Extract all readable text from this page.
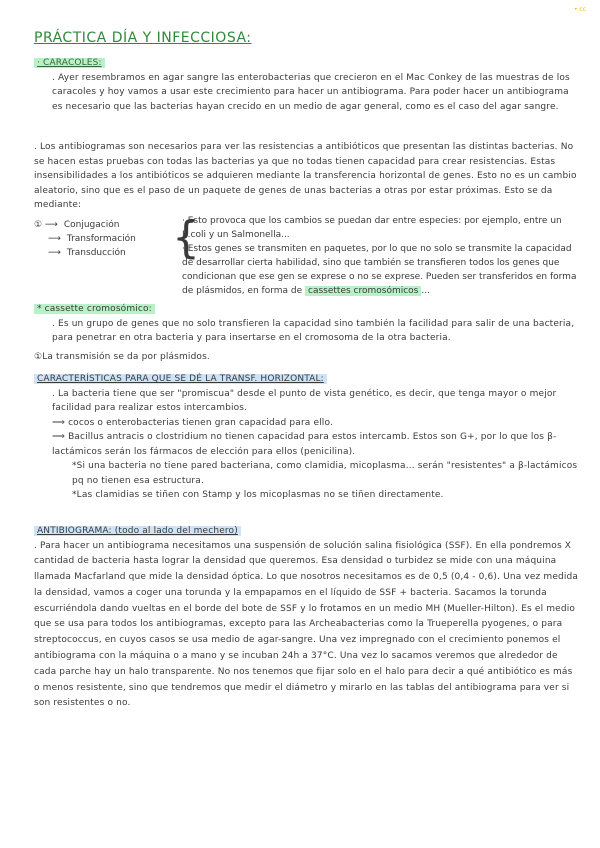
• cc
PRÁCTICA DÍA Y INFECCIOSA:
· CARACOLES:
. Ayer resembramos en agar sangre las enterobacterias que crecieron en el Mac Conkey de las muestras de los caracoles y hoy vamos a usar este crecimiento para hacer un antibiograma. Para poder hacer un antibiograma es necesario que las bacterias hayan crecido en un medio de agar general, como es el caso del agar sangre.
. Los antibiogramas son necesarios para ver las resistencias a antibióticos que presentan las distintas bacterias. No se hacen estas pruebas con todas las bacterias ya que no todas tienen capacidad para crear resistencias. Estas insensibilidades a los antibióticos se adquieren mediante la transferencia horizontal de genes. Esto no es un cambio aleatorio, sino que es el paso de un paquete de genes de unas bacterias a otras por estar próximas. Esto se da mediante:
① ⟶ Conjugación
⟶ Transformación
⟶ Transducción {
· Esto provoca que los cambios se puedan dar entre especies: por ejemplo, entre un E.coli y un Salmonella...
· Estos genes se transmiten en paquetes, por lo que no solo se transmite la capacidad de desarrollar cierta habilidad, sino que también se transfieren todos los genes que condicionan que ese gen se exprese o no se exprese. Pueden ser transferidos en forma de plásmidos, en forma de cassettes cromosómicos ...
* cassette cromosómico:
. Es un grupo de genes que no solo transfieren la capacidad sino también la facilidad para salir de una bacteria, para penetrar en otra bacteria y para insertarse en el cromosoma de la otra bacteria.
①La transmisión se da por plásmidos.
CARACTERÍSTICAS PARA QUE SE DÉ LA TRANSF. HORIZONTAL:
. La bacteria tiene que ser "promiscua" desde el punto de vista genético, es decir, que tenga mayor o mejor facilidad para realizar estos intercambios.
⟹ cocos o enterobacterias tienen gran capacidad para ello.
⟹ Bacillus antracis o clostridium no tienen capacidad para estos intercamb. Estos son G+, por lo que los β-lactámicos serán los fármacos de elección para ellos (penicilina).
*Si una bacteria no tiene pared bacteriana, como clamidia, micoplasma... serán "resistentes" a β-lactámicos pq no tienen esa estructura.
*Las clamidias se tiñen con Stamp y los micoplasmas no se tiñen directamente.
ANTIBIOGRAMA: (todo al lado del mechero)
. Para hacer un antibiograma necesitamos una suspensión de solución salina fisiológica (SSF). En ella pondremos X cantidad de bacteria hasta lograr la densidad que queremos. Esa densidad o turbidez se mide con una máquina llamada Macfarland que mide la densidad óptica. Lo que nosotros necesitamos es de 0,5 (0,4 - 0,6). Una vez medida la densidad, vamos a coger una torunda y la empapamos en el líquido de SSF + bacteria. Sacamos la torunda escurriéndola dando vueltas en el borde del bote de SSF y lo frotamos en un medio MH (Mueller-Hilton). Es el medio que se usa para todos los antibiogramas, excepto para las Archeabacterias como la Trueperella pyogenes, o para streptococcus, en cuyos casos se usa medio de agar-sangre. Una vez impregnado con el crecimiento ponemos el antibiograma con la máquina o a mano y se incuban 24h a 37°C. Una vez lo sacamos veremos que alrededor de cada parche hay un halo transparente. No nos tenemos que fijar solo en el halo para decir a qué antibiótico es más o menos resistente, sino que tendremos que medir el diámetro y mirarlo en las tablas del antibiograma para ver si son resistentes o no.
